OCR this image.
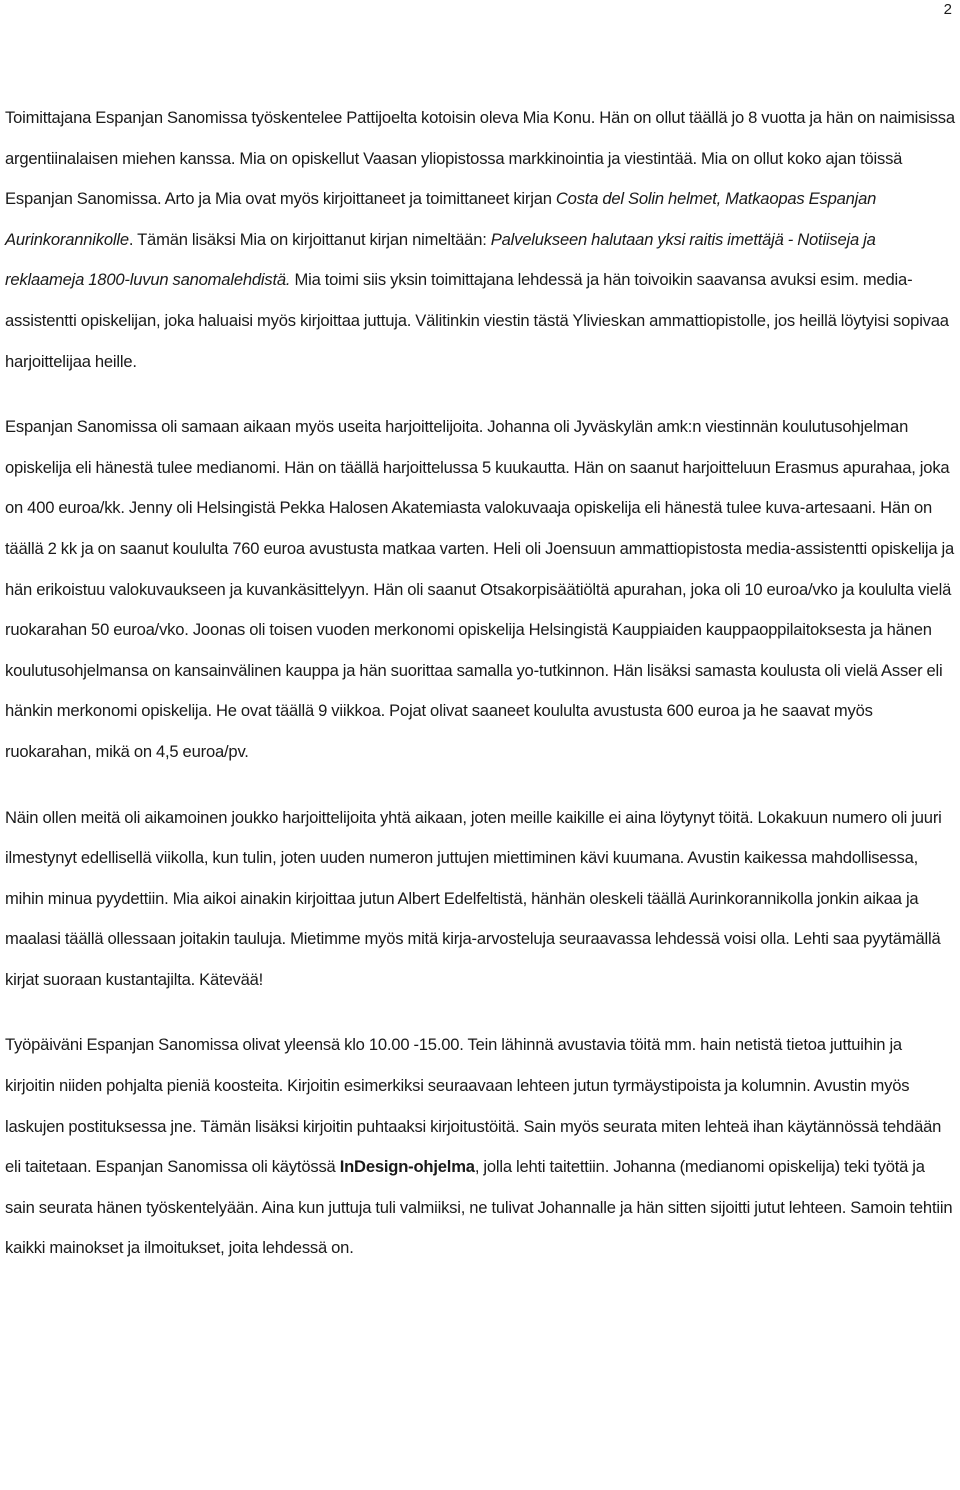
2

Toimittajana Espanjan Sanomissa työskentelee Pattijoelta kotoisin oleva Mia Konu. Hän on ollut täällä jo 8 vuotta ja hän on naimisissa argentiinalaisen miehen kanssa. Mia on opiskellut Vaasan yliopistossa markkinointia ja viestintää. Mia on ollut koko ajan töissä Espanjan Sanomissa. Arto ja Mia ovat myös kirjoittaneet ja toimittaneet kirjan Costa del Solin helmet, Matkaopas Espanjan Aurinkorannikolle. Tämän lisäksi Mia on kirjoittanut kirjan nimeltään: Palvelukseen halutaan yksi raitis imettäjä - Notiiseja ja reklaameja 1800-luvun sanomalehdistä. Mia toimi siis yksin toimittajana lehdessä ja hän toivoikin saavansa avuksi esim. media-assistentti opiskelijan, joka haluaisi myös kirjoittaa juttuja. Välitinkin viestin tästä Ylivieskan ammattiopistolle, jos heillä löytyisi sopivaa harjoittelijaa heille.

Espanjan Sanomissa oli samaan aikaan myös useita harjoittelijoita. Johanna oli Jyväskylän amk:n viestinnän koulutusohjelman opiskelija eli hänestä tulee medianomi. Hän on täällä harjoittelussa 5 kuukautta. Hän on saanut harjoitteluun Erasmus apurahaa, joka on 400 euroa/kk. Jenny oli Helsingistä Pekka Halosen Akatemiasta valokuvaaja opiskelija eli hänestä tulee kuva-artesaani. Hän on täällä 2 kk ja on saanut koululta 760 euroa avustusta matkaa varten. Heli oli Joensuun ammattiopistosta media-assistentti opiskelija ja hän erikoistuu valokuvaukseen ja kuvankäsittelyyn. Hän oli saanut Otsakorpisäätiöltä apurahan, joka oli 10 euroa/vko ja koululta vielä ruokarahan 50 euroa/vko. Joonas oli toisen vuoden merkonomi opiskelija Helsingistä Kauppiaiden kauppaoppilaitoksesta ja hänen koulutusohjelmansa on kansainvälinen kauppa ja hän suorittaa samalla yo-tutkinnon. Hän lisäksi samasta koulusta oli vielä Asser eli hänkin merkonomi opiskelija. He ovat täällä 9 viikkoa. Pojat olivat saaneet koululta avustusta 600 euroa ja he saavat myös ruokarahan, mikä on 4,5 euroa/pv.

Näin ollen meitä oli aikamoinen joukko harjoittelijoita yhtä aikaan, joten meille kaikille ei aina löytynyt töitä. Lokakuun numero oli juuri ilmestynyt edellisellä viikolla, kun tulin, joten uuden numeron juttujen miettiminen kävi kuumana. Avustin kaikessa mahdollisessa, mihin minua pyydettiin. Mia aikoi ainakin kirjoittaa jutun Albert Edelfeltistä, hänhän oleskeli täällä Aurinkorannikolla jonkin aikaa ja maalasi täällä ollessaan joitakin tauluja. Mietimme myös mitä kirja-arvosteluja seuraavassa lehdessä voisi olla. Lehti saa pyytämällä kirjat suoraan kustantajilta. Kätevää!

Työpäiväni Espanjan Sanomissa olivat yleensä klo 10.00 -15.00. Tein lähinnä avustavia töitä mm. hain netistä tietoa juttuihin ja kirjoitin niiden pohjalta pieniä koosteita. Kirjoitin esimerkiksi seuraavaan lehteen jutun tyrmäystipoista ja kolumnin. Avustin myös laskujen postituksessa jne. Tämän lisäksi kirjoitin puhtaaksi kirjoitustöitä. Sain myös seurata miten lehteä ihan käytännössä tehdään eli taitetaan. Espanjan Sanomissa oli käytössä InDesign-ohjelma, jolla lehti taitettiin. Johanna (medianomi opiskelija) teki työtä ja sain seurata hänen työskentelyään. Aina kun juttuja tuli valmiiksi, ne tulivat Johannalle ja hän sitten sijoitti jutut lehteen. Samoin tehtiin kaikki mainokset ja ilmoitukset, joita lehdessä on.
